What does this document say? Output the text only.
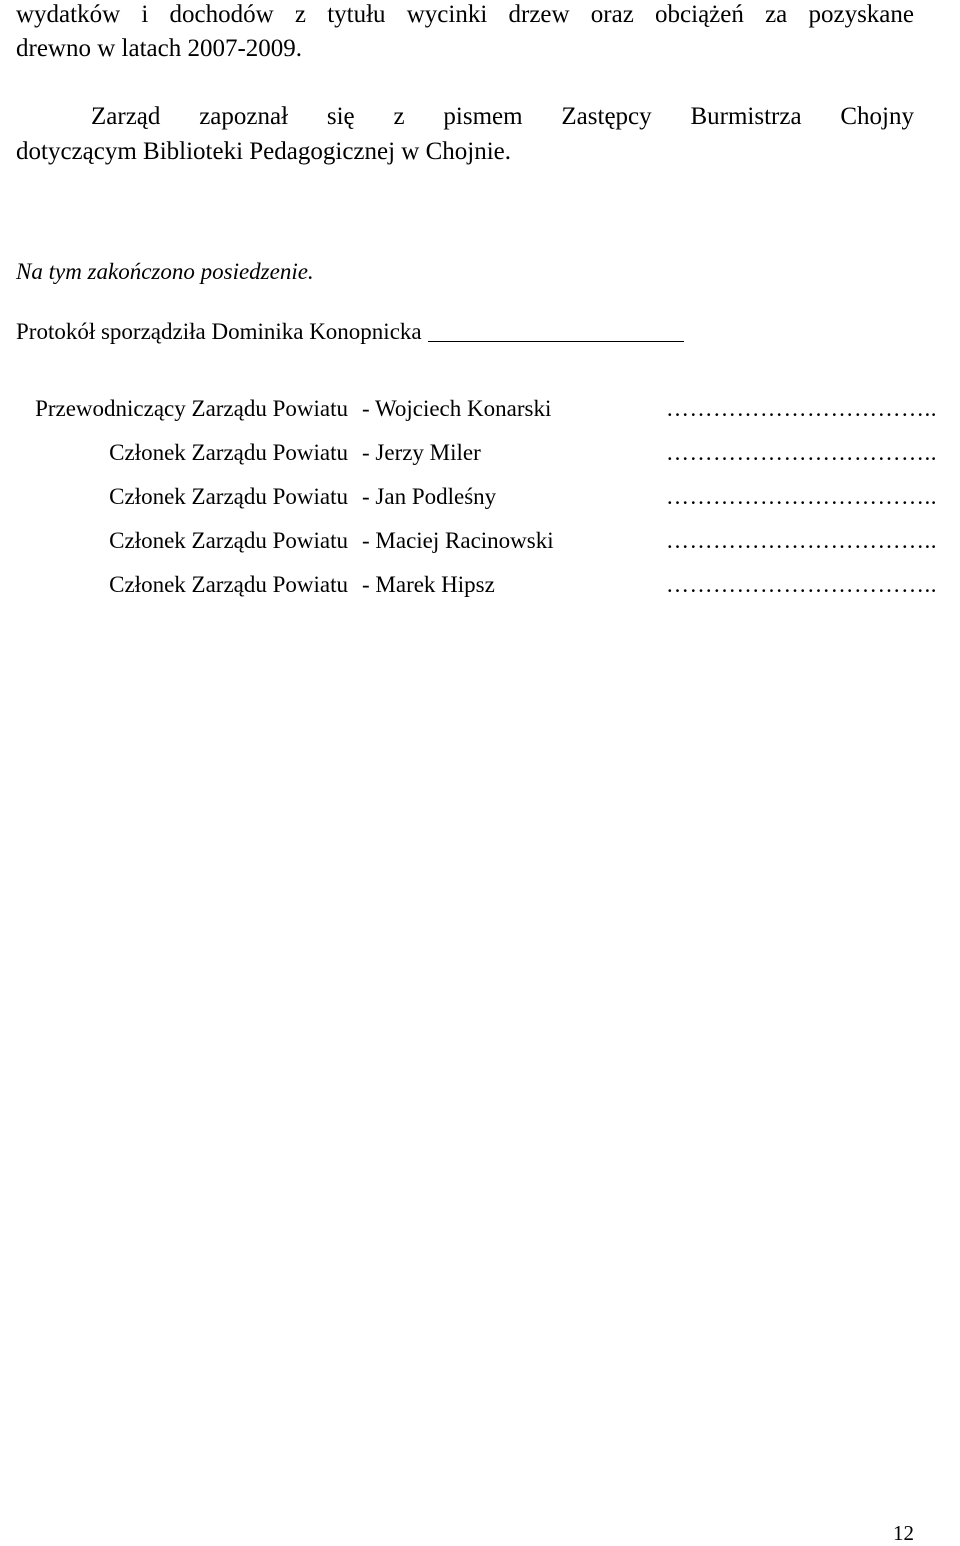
wydatków i dochodów z tytułu wycinki drzew oraz obciążeń za pozyskane
drewno w latach 2007-2009.
Zarząd zapoznał się z pismem Zastępcy Burmistrza Chojny
dotyczącym Biblioteki Pedagogicznej w Chojnie.
Na tym zakończono posiedzenie.
Protokół sporządziła Dominika Konopnicka
Przewodniczący Zarządu Powiatu - Wojciech Konarski	……………………………..
Członek Zarządu Powiatu - Jerzy Miler	……………………………..
Członek Zarządu Powiatu - Jan Podleśny	……………………………..
Członek Zarządu Powiatu - Maciej Racinowski	……………………………..
Członek Zarządu Powiatu - Marek Hipsz	……………………………..
12
